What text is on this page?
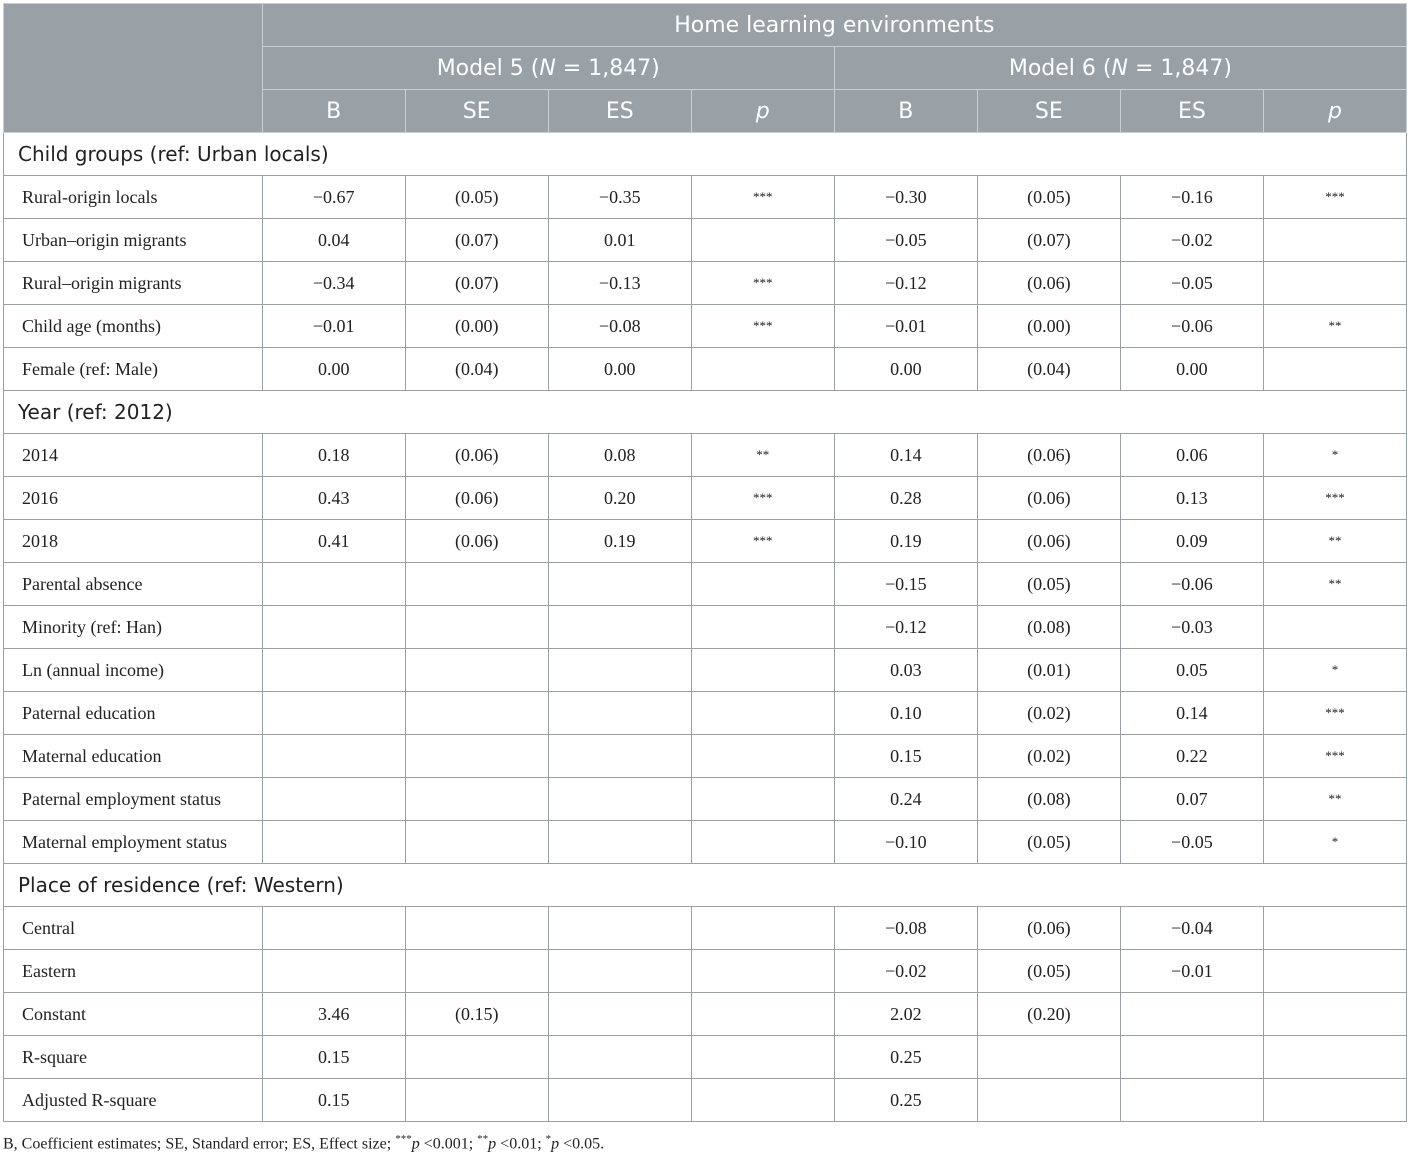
	Home learning environments							
	Model 5 (N = 1,847)				Model 6 (N = 1,847)			
	B	SE	ES	p	B	SE	ES	p
Child groups (ref: Urban locals)								
Rural-origin locals	−0.67	(0.05)	−0.35	***	−0.30	(0.05)	−0.16	***
Urban–origin migrants	0.04	(0.07)	0.01		−0.05	(0.07)	−0.02	
Rural–origin migrants	−0.34	(0.07)	−0.13	***	−0.12	(0.06)	−0.05	
Child age (months)	−0.01	(0.00)	−0.08	***	−0.01	(0.00)	−0.06	**
Female (ref: Male)	0.00	(0.04)	0.00		0.00	(0.04)	0.00	
Year (ref: 2012)								
2014	0.18	(0.06)	0.08	**	0.14	(0.06)	0.06	*
2016	0.43	(0.06)	0.20	***	0.28	(0.06)	0.13	***
2018	0.41	(0.06)	0.19	***	0.19	(0.06)	0.09	**
Parental absence					−0.15	(0.05)	−0.06	**
Minority (ref: Han)					−0.12	(0.08)	−0.03	
Ln (annual income)					0.03	(0.01)	0.05	*
Paternal education					0.10	(0.02)	0.14	***
Maternal education					0.15	(0.02)	0.22	***
Paternal employment status					0.24	(0.08)	0.07	**
Maternal employment status					−0.10	(0.05)	−0.05	*
Place of residence (ref: Western)								
Central					−0.08	(0.06)	−0.04	
Eastern					−0.02	(0.05)	−0.01	
Constant	3.46	(0.15)			2.02	(0.20)		
R-square	0.15				0.25			
Adjusted R-square	0.15				0.25			
B, Coefficient estimates; SE, Standard error; ES, Effect size; ***p <0.001; **p <0.01; *p <0.05.
